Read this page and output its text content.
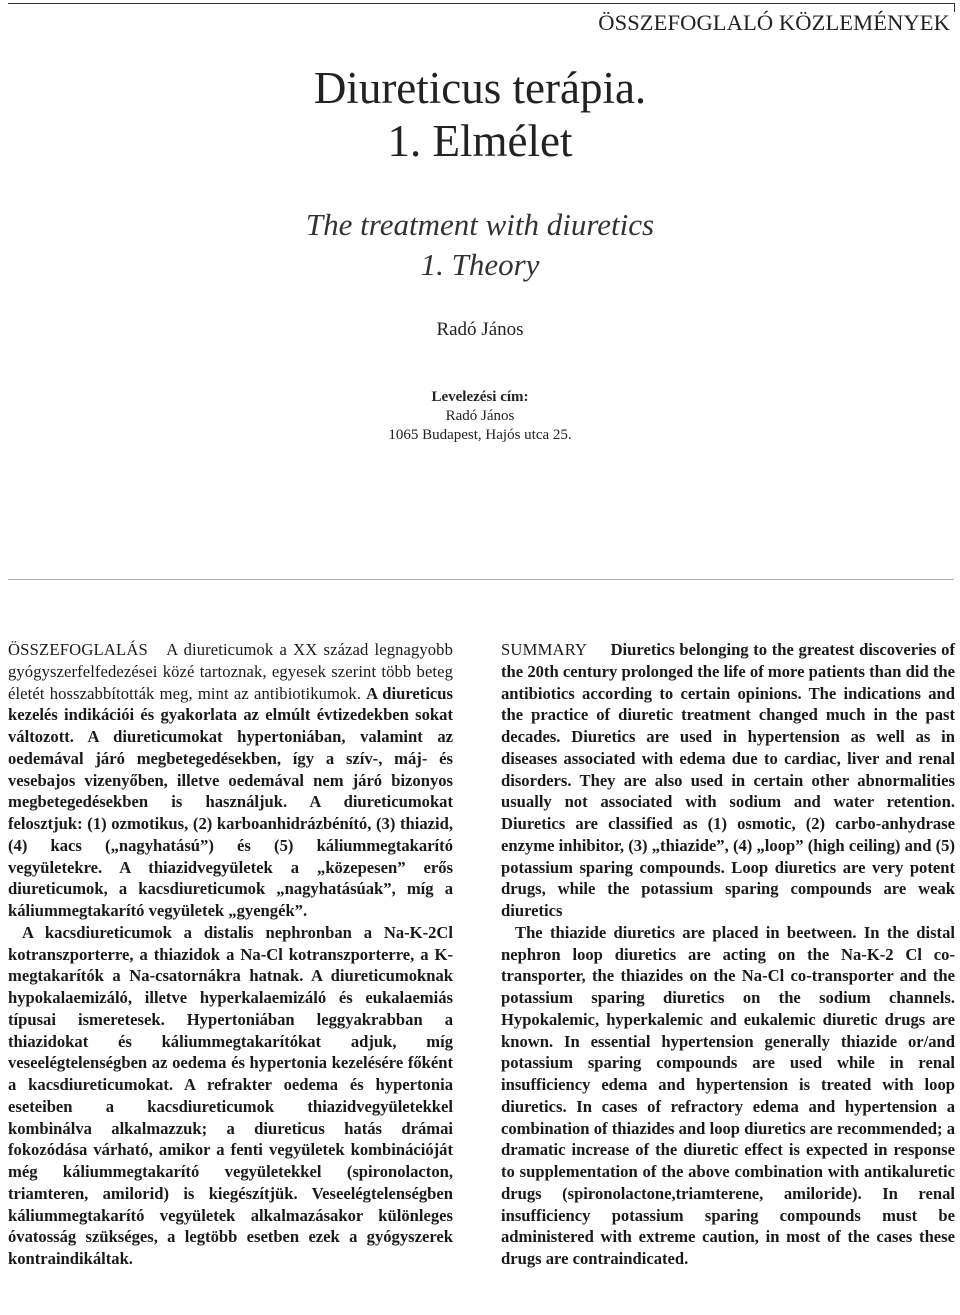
ÖSSZEFOGLALÓ KÖZLEMÉNYEK
Diureticus terápia.
1. Elmélet
The treatment with diuretics
1. Theory
Radó János
Levelezési cím:
Radó János
1065 Budapest, Hajós utca 25.

ÖSSZEFOGLALÁS A diureticumok a XX század legnagyobb gyógyszerfelfedezései közé tartoznak, egyesek szerint több beteg életét hosszabbították meg, mint az antibiotikumok. A diureticus kezelés indikációi és gyakorlata az elmúlt évtizedekben sokat változott. A diureticumokat hypertoniában, valamint az oedemával járó megbetegedésekben, így a szív-, máj- és vesebajos vizenyőben, illetve oedemával nem járó bizonyos megbetegedésekben is használjuk. A diureticumokat felosztjuk: (1) ozmotikus, (2) karboanhidrázbénító, (3) thiazid, (4) kacs („nagyhatású”) és (5) káliummegtakarító vegyületekre. A thiazidvegyületek a „közepesen” erős diureticumok, a kacsdiureticumok „nagyhatásúak”, míg a káliummegtakarító vegyületek „gyengék”.

A kacsdiureticumok a distalis nephronban a Na-K-2Cl kotranszporterre, a thiazidok a Na-Cl kotranszporterre, a K-megtakarítók a Na-csatornákra hatnak. A diureticumoknak hypokalaemizáló, illetve hyperkalaemizáló és eukalaemiás típusai ismeretesek. Hypertoniában leggyakrabban a thiazidokat és káliummegtakarítókat adjuk, míg veseelégtelenségben az oedema és hypertonia kezelésére főként a kacsdiureticumokat. A refrakter oedema és hypertonia eseteiben a kacsdiureticumok thiazidvegyületekkel kombinálva alkalmazzuk; a diureticus hatás drámai fokozódása várható, amikor a fenti vegyületek kombinációját még káliummegtakarító vegyületekkel (spironolacton, triamteren, amilorid) is kiegészítjük. Veseelégtelenségben káliummegtakarító vegyületek alkalmazásakor különleges óvatosság szükséges, a legtöbb esetben ezek a gyógyszerek kontraindikáltak.

SUMMARY Diuretics belonging to the greatest discoveries of the 20th century prolonged the life of more patients than did the antibiotics according to certain opinions. The indications and the practice of diuretic treatment changed much in the past decades. Diuretics are used in hypertension as well as in diseases associated with edema due to cardiac, liver and renal disorders. They are also used in certain other abnormalities usually not associated with sodium and water retention. Diuretics are classified as (1) osmotic, (2) carbo-anhydrase enzyme inhibitor, (3) „thiazide”, (4) „loop” (high ceiling) and (5) potassium sparing compounds. Loop diuretics are very potent drugs, while the potassium sparing compounds are weak diuretics

The thiazide diuretics are placed in beetween. In the distal nephron loop diuretics are acting on the Na-K-2 Cl co-transporter, the thiazides on the Na-Cl co-transporter and the potassium sparing diuretics on the sodium channels. Hypokalemic, hyperkalemic and eukalemic diuretic drugs are known. In essential hypertension generally thiazide or/and potassium sparing compounds are used while in renal insufficiency edema and hypertension is treated with loop diuretics. In cases of refractory edema and hypertension a combination of thiazides and loop diuretics are recommended; a dramatic increase of the diuretic effect is expected in response to supplementation of the above combination with antikaluretic drugs (spironolactone,triamterene, amiloride). In renal insufficiency potassium sparing compounds must be administered with extreme caution, in most of the cases these drugs are contraindicated.
